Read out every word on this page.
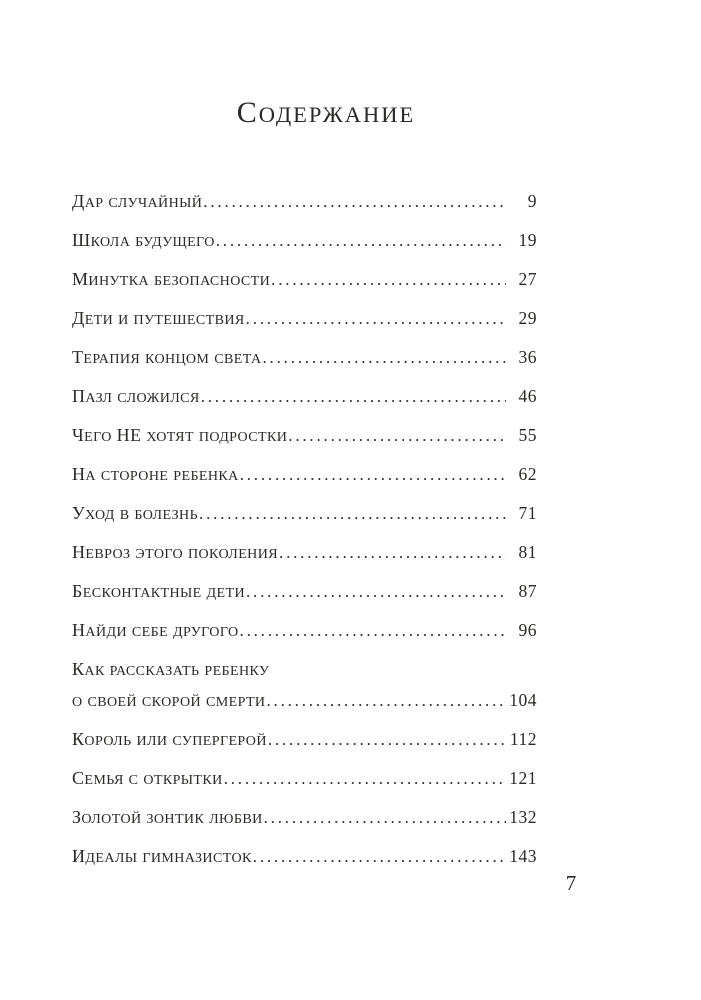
СОДЕРЖАНИЕ
ДАР СЛУЧАЙНЫЙ .....	9
ШКОЛА БУДУЩЕГО .....	19
МИНУТКА БЕЗОПАСНОСТИ .....	27
ДЕТИ И ПУТЕШЕСТВИЯ .....	29
ТЕРАПИЯ КОНЦОМ СВЕТА .....	36
ПАЗЛ СЛОЖИЛСЯ .....	46
ЧЕГО НЕ ХОТЯТ ПОДРОСТКИ .....	55
НА СТОРОНЕ РЕБЕНКА .....	62
УХОД В БОЛЕЗНЬ .....	71
НЕВРОЗ ЭТОГО ПОКОЛЕНИЯ .....	81
БЕСКОНТАКТНЫЕ ДЕТИ .....	87
НАЙДИ СЕБЕ ДРУГОГО .....	96
КАК РАССКАЗАТЬ РЕБЕНКУ
О СВОЕЙ СКОРОЙ СМЕРТИ .....	104
КОРОЛЬ ИЛИ СУПЕРГЕРОЙ .....	112
СЕМЬЯ С ОТКРЫТКИ .....	121
ЗОЛОТОЙ ЗОНТИК ЛЮБВИ .....	132
ИДЕАЛЫ ГИМНАЗИСТОК .....	143
7
